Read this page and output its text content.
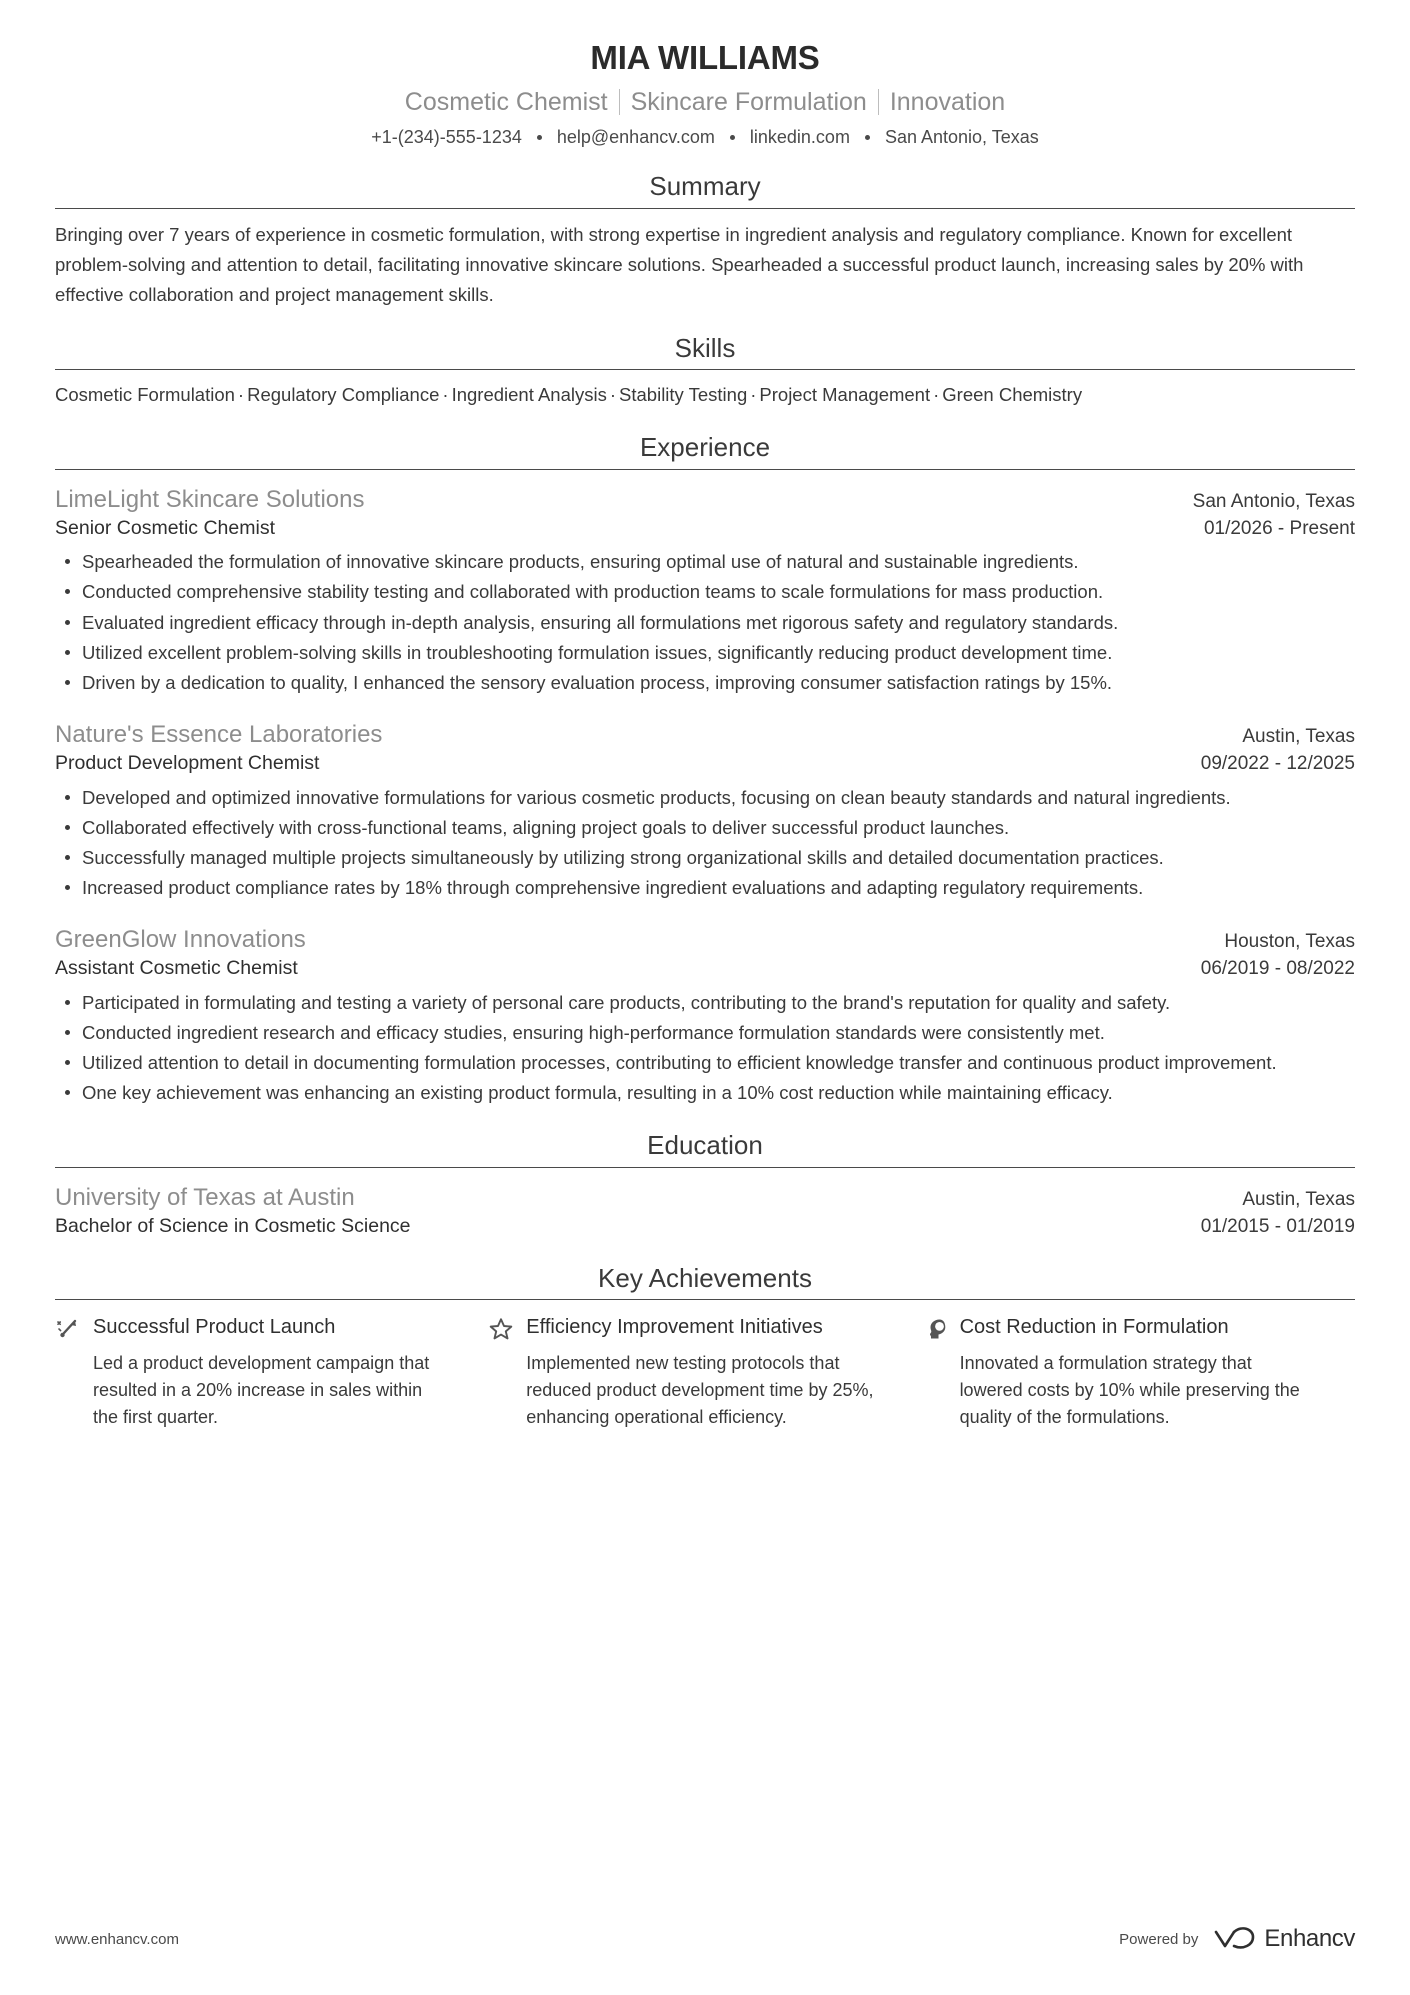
MIA WILLIAMS
Cosmetic Chemist Skincare Formulation Innovation
+1-(234)-555-1234 help@enhancv.com linkedin.com San Antonio, Texas
Summary
Bringing over 7 years of experience in cosmetic formulation, with strong expertise in ingredient analysis and regulatory compliance. Known for excellent problem-solving and attention to detail, facilitating innovative skincare solutions. Spearheaded a successful product launch, increasing sales by 20% with effective collaboration and project management skills.
Skills
Cosmetic Formulation · Regulatory Compliance · Ingredient Analysis · Stability Testing · Project Management · Green Chemistry
Experience
LimeLight Skincare Solutions	San Antonio, Texas
Senior Cosmetic Chemist	01/2026 - Present
Spearheaded the formulation of innovative skincare products, ensuring optimal use of natural and sustainable ingredients.
Conducted comprehensive stability testing and collaborated with production teams to scale formulations for mass production.
Evaluated ingredient efficacy through in-depth analysis, ensuring all formulations met rigorous safety and regulatory standards.
Utilized excellent problem-solving skills in troubleshooting formulation issues, significantly reducing product development time.
Driven by a dedication to quality, I enhanced the sensory evaluation process, improving consumer satisfaction ratings by 15%.
Nature's Essence Laboratories	Austin, Texas
Product Development Chemist	09/2022 - 12/2025
Developed and optimized innovative formulations for various cosmetic products, focusing on clean beauty standards and natural ingredients.
Collaborated effectively with cross-functional teams, aligning project goals to deliver successful product launches.
Successfully managed multiple projects simultaneously by utilizing strong organizational skills and detailed documentation practices.
Increased product compliance rates by 18% through comprehensive ingredient evaluations and adapting regulatory requirements.
GreenGlow Innovations	Houston, Texas
Assistant Cosmetic Chemist	06/2019 - 08/2022
Participated in formulating and testing a variety of personal care products, contributing to the brand's reputation for quality and safety.
Conducted ingredient research and efficacy studies, ensuring high-performance formulation standards were consistently met.
Utilized attention to detail in documenting formulation processes, contributing to efficient knowledge transfer and continuous product improvement.
One key achievement was enhancing an existing product formula, resulting in a 10% cost reduction while maintaining efficacy.
Education
University of Texas at Austin	Austin, Texas
Bachelor of Science in Cosmetic Science	01/2015 - 01/2019
Key Achievements
Successful Product Launch
Led a product development campaign that resulted in a 20% increase in sales within the first quarter.
Efficiency Improvement Initiatives
Implemented new testing protocols that reduced product development time by 25%, enhancing operational efficiency.
Cost Reduction in Formulation
Innovated a formulation strategy that lowered costs by 10% while preserving the quality of the formulations.
www.enhancv.com	Powered by	Enhancv
